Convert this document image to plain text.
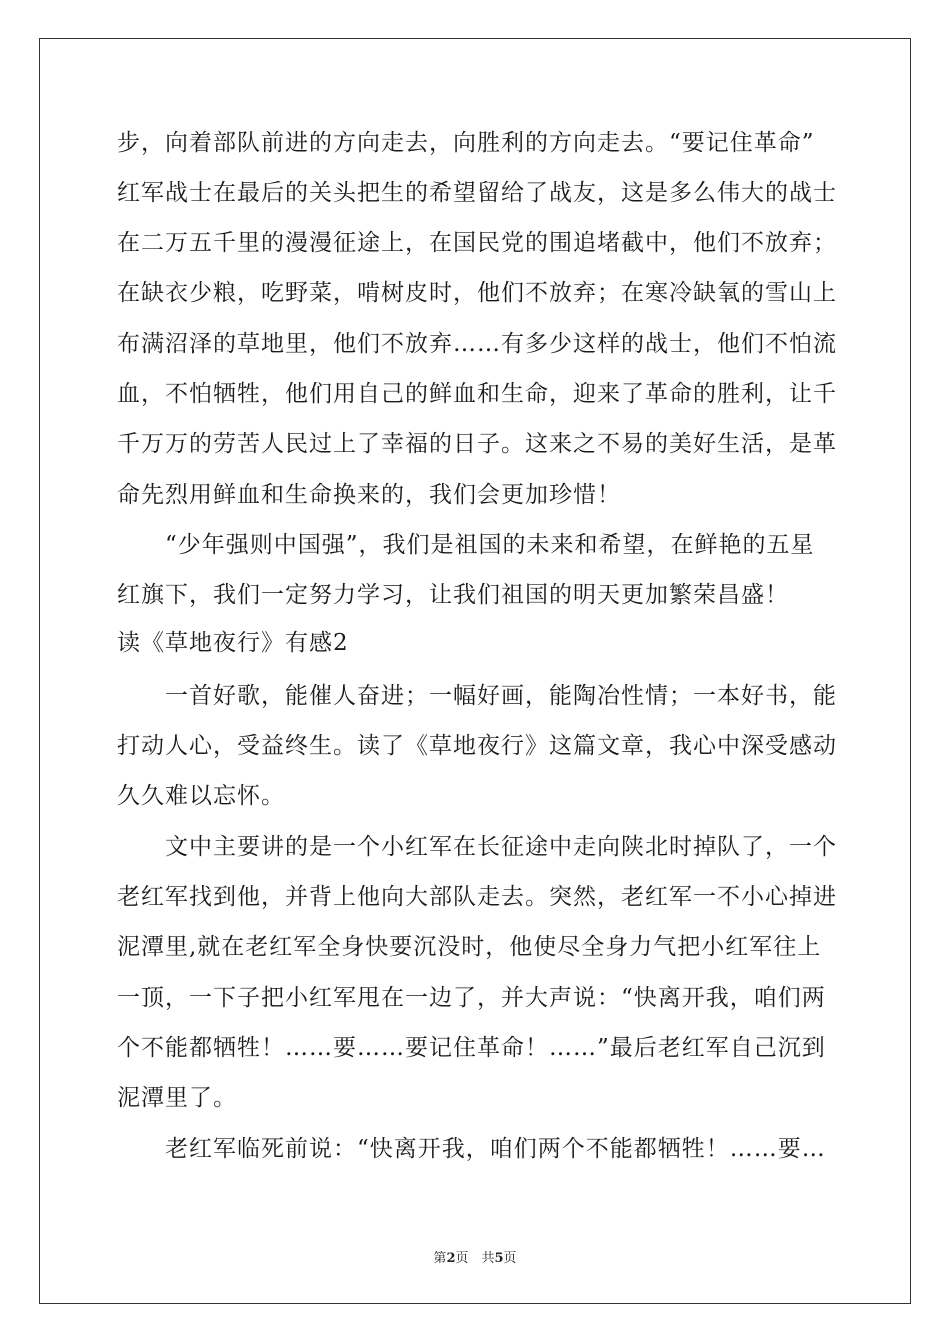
步，向着部队前进的方向走去，向胜利的方向走去。“要记住革命”
红军战士在最后的关头把生的希望留给了战友，这是多么伟大的战士
在二万五千里的漫漫征途上，在国民党的围追堵截中，他们不放弃；
在缺衣少粮，吃野菜，啃树皮时，他们不放弃；在寒冷缺氧的雪山上
布满沼泽的草地里，他们不放弃……有多少这样的战士，他们不怕流
血，不怕牺牲，他们用自己的鲜血和生命，迎来了革命的胜利，让千
千万万的劳苦人民过上了幸福的日子。这来之不易的美好生活，是革
命先烈用鲜血和生命换来的，我们会更加珍惜！
　　“少年强则中国强”，我们是祖国的未来和希望，在鲜艳的五星
红旗下，我们一定努力学习，让我们祖国的明天更加繁荣昌盛！
读《草地夜行》有感2
　　一首好歌，能催人奋进；一幅好画，能陶冶性情；一本好书，能
打动人心，受益终生。读了《草地夜行》这篇文章，我心中深受感动
久久难以忘怀。
　　文中主要讲的是一个小红军在长征途中走向陕北时掉队了，一个
老红军找到他，并背上他向大部队走去。突然，老红军一不小心掉进
泥潭里,就在老红军全身快要沉没时，他使尽全身力气把小红军往上
一顶，一下子把小红军甩在一边了，并大声说：“快离开我，咱们两
个不能都牺牲！……要……要记住革命！……”最后老红军自己沉到
泥潭里了。
　　老红军临死前说：“快离开我，咱们两个不能都牺牲！……要…
第2页　共5页
